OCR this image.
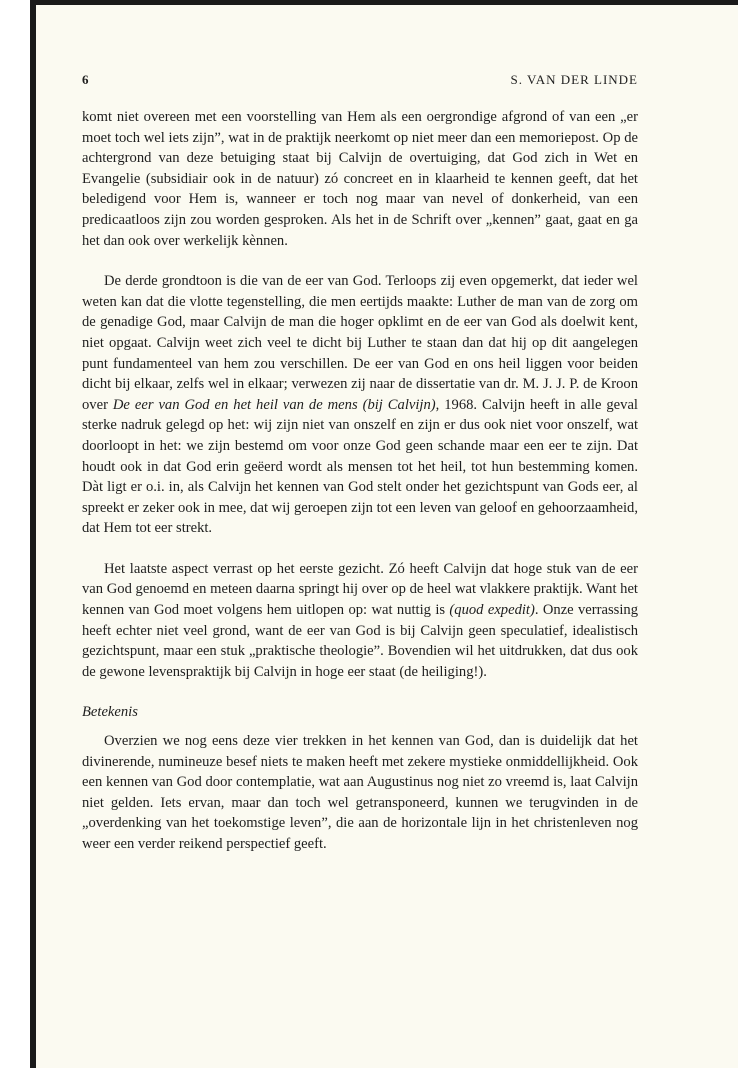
6	S. VAN DER LINDE

komt niet overeen met een voorstelling van Hem als een oergrondige afgrond of van een „er moet toch wel iets zijn”, wat in de praktijk neerkomt op niet meer dan een memoriepost. Op de achtergrond van deze betuiging staat bij Calvijn de overtuiging, dat God zich in Wet en Evangelie (subsidiair ook in de natuur) zó concreet en in klaarheid te kennen geeft, dat het beledigend voor Hem is, wanneer er toch nog maar van nevel of donkerheid, van een predicaatloos zijn zou worden gesproken. Als het in de Schrift over „kennen” gaat, gaat en ga het dan ook over werkelijk kènnen.

De derde grondtoon is die van de eer van God. Terloops zij even opgemerkt, dat ieder wel weten kan dat die vlotte tegenstelling, die men eertijds maakte: Luther de man van de zorg om de genadige God, maar Calvijn de man die hoger opklimt en de eer van God als doelwit kent, niet opgaat. Calvijn weet zich veel te dicht bij Luther te staan dan dat hij op dit aangelegen punt fundamenteel van hem zou verschillen. De eer van God en ons heil liggen voor beiden dicht bij elkaar, zelfs wel in elkaar; verwezen zij naar de dissertatie van dr. M. J. J. P. de Kroon over De eer van God en het heil van de mens (bij Calvijn), 1968. Calvijn heeft in alle geval sterke nadruk gelegd op het: wij zijn niet van onszelf en zijn er dus ook niet voor onszelf, wat doorloopt in het: we zijn bestemd om voor onze God geen schande maar een eer te zijn. Dat houdt ook in dat God erin geëerd wordt als mensen tot het heil, tot hun bestemming komen. Dàt ligt er o.i. in, als Calvijn het kennen van God stelt onder het gezichtspunt van Gods eer, al spreekt er zeker ook in mee, dat wij geroepen zijn tot een leven van geloof en gehoorzaamheid, dat Hem tot eer strekt.

Het laatste aspect verrast op het eerste gezicht. Zó heeft Calvijn dat hoge stuk van de eer van God genoemd en meteen daarna springt hij over op de heel wat vlakkere praktijk. Want het kennen van God moet volgens hem uitlopen op: wat nuttig is (quod expedit). Onze verrassing heeft echter niet veel grond, want de eer van God is bij Calvijn geen speculatief, idealistisch gezichtspunt, maar een stuk „praktische theologie”. Bovendien wil het uitdrukken, dat dus ook de gewone levenspraktijk bij Calvijn in hoge eer staat (de heiliging!).

Betekenis

Overzien we nog eens deze vier trekken in het kennen van God, dan is duidelijk dat het divinerende, numineuze besef niets te maken heeft met zekere mystieke onmiddellijkheid. Ook een kennen van God door contemplatie, wat aan Augustinus nog niet zo vreemd is, laat Calvijn niet gelden. Iets ervan, maar dan toch wel getransponeerd, kunnen we terugvinden in de „overdenking van het toekomstige leven”, die aan de horizontale lijn in het christenleven nog weer een verder reikend perspectief geeft.
